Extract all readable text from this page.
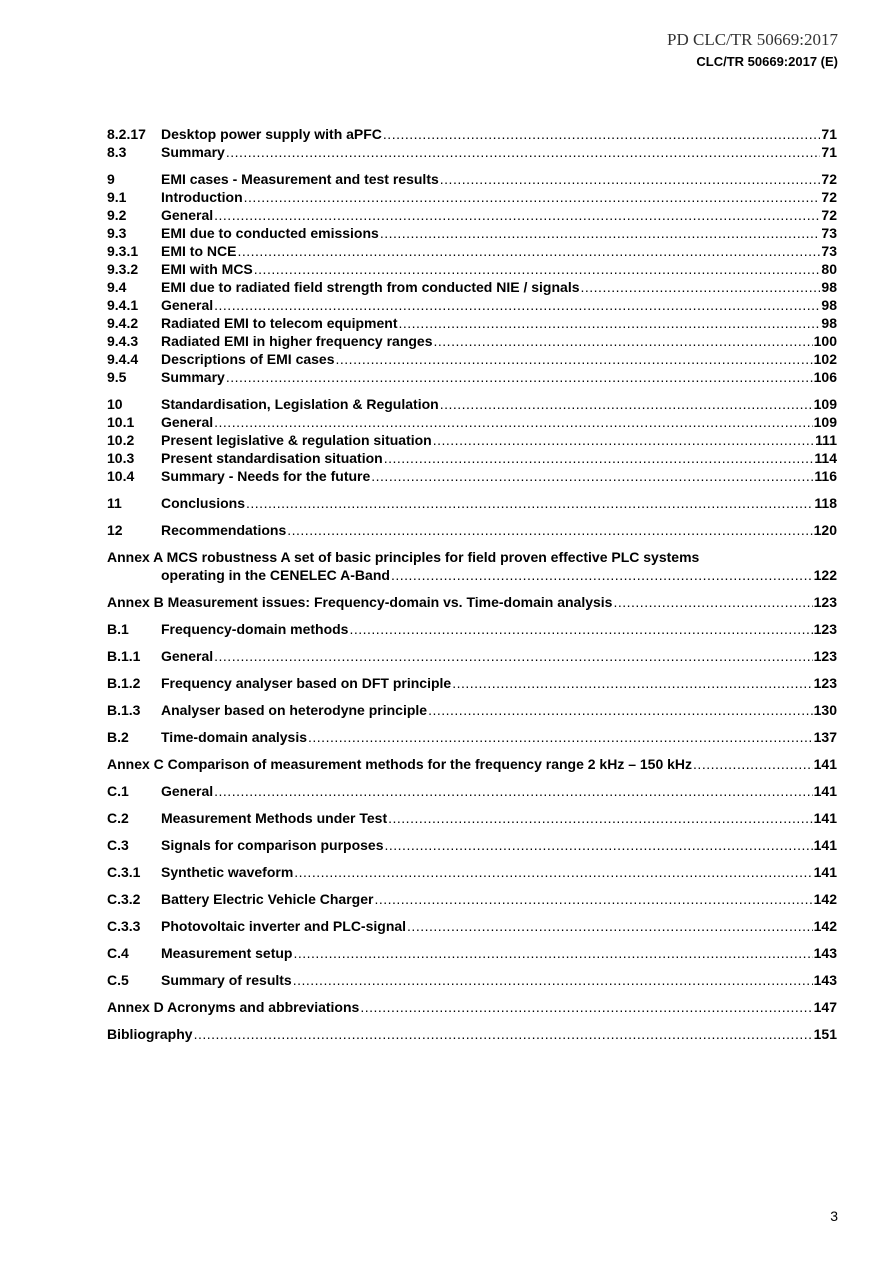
PD CLC/TR 50669:2017
CLC/TR 50669:2017 (E)
8.2.17	Desktop power supply with aPFC .....	71
8.3	Summary .....	71
9	EMI cases - Measurement and test results .....	72
9.1	Introduction .....	72
9.2	General .....	72
9.3	EMI due to conducted emissions .....	73
9.3.1	EMI to NCE .....	73
9.3.2	EMI with MCS .....	80
9.4	EMI due to radiated field strength from conducted NIE / signals .....	98
9.4.1	General .....	98
9.4.2	Radiated EMI to telecom equipment .....	98
9.4.3	Radiated EMI in higher frequency ranges .....	100
9.4.4	Descriptions of EMI cases .....	102
9.5	Summary .....	106
10	Standardisation, Legislation & Regulation .....	109
10.1	General .....	109
10.2	Present legislative & regulation situation .....	111
10.3	Present standardisation situation .....	114
10.4	Summary - Needs for the future .....	116
11	Conclusions .....	118
12	Recommendations .....	120
Annex A MCS robustness A set of basic principles for field proven effective PLC systems
operating in the CENELEC A-Band .....	122
Annex B Measurement issues: Frequency-domain vs. Time-domain analysis .....	123
B.1	Frequency-domain methods .....	123
B.1.1	General .....	123
B.1.2	Frequency analyser based on DFT principle .....	123
B.1.3	Analyser based on heterodyne principle .....	130
B.2	Time-domain analysis .....	137
Annex C Comparison of measurement methods for the frequency range 2 kHz – 150 kHz .....	141
C.1	General .....	141
C.2	Measurement Methods under Test .....	141
C.3	Signals for comparison purposes .....	141
C.3.1	Synthetic waveform .....	141
C.3.2	Battery Electric Vehicle Charger .....	142
C.3.3	Photovoltaic inverter and PLC-signal .....	142
C.4	Measurement setup .....	143
C.5	Summary of results .....	143
Annex D Acronyms and abbreviations .....	147
Bibliography .....	151
3
